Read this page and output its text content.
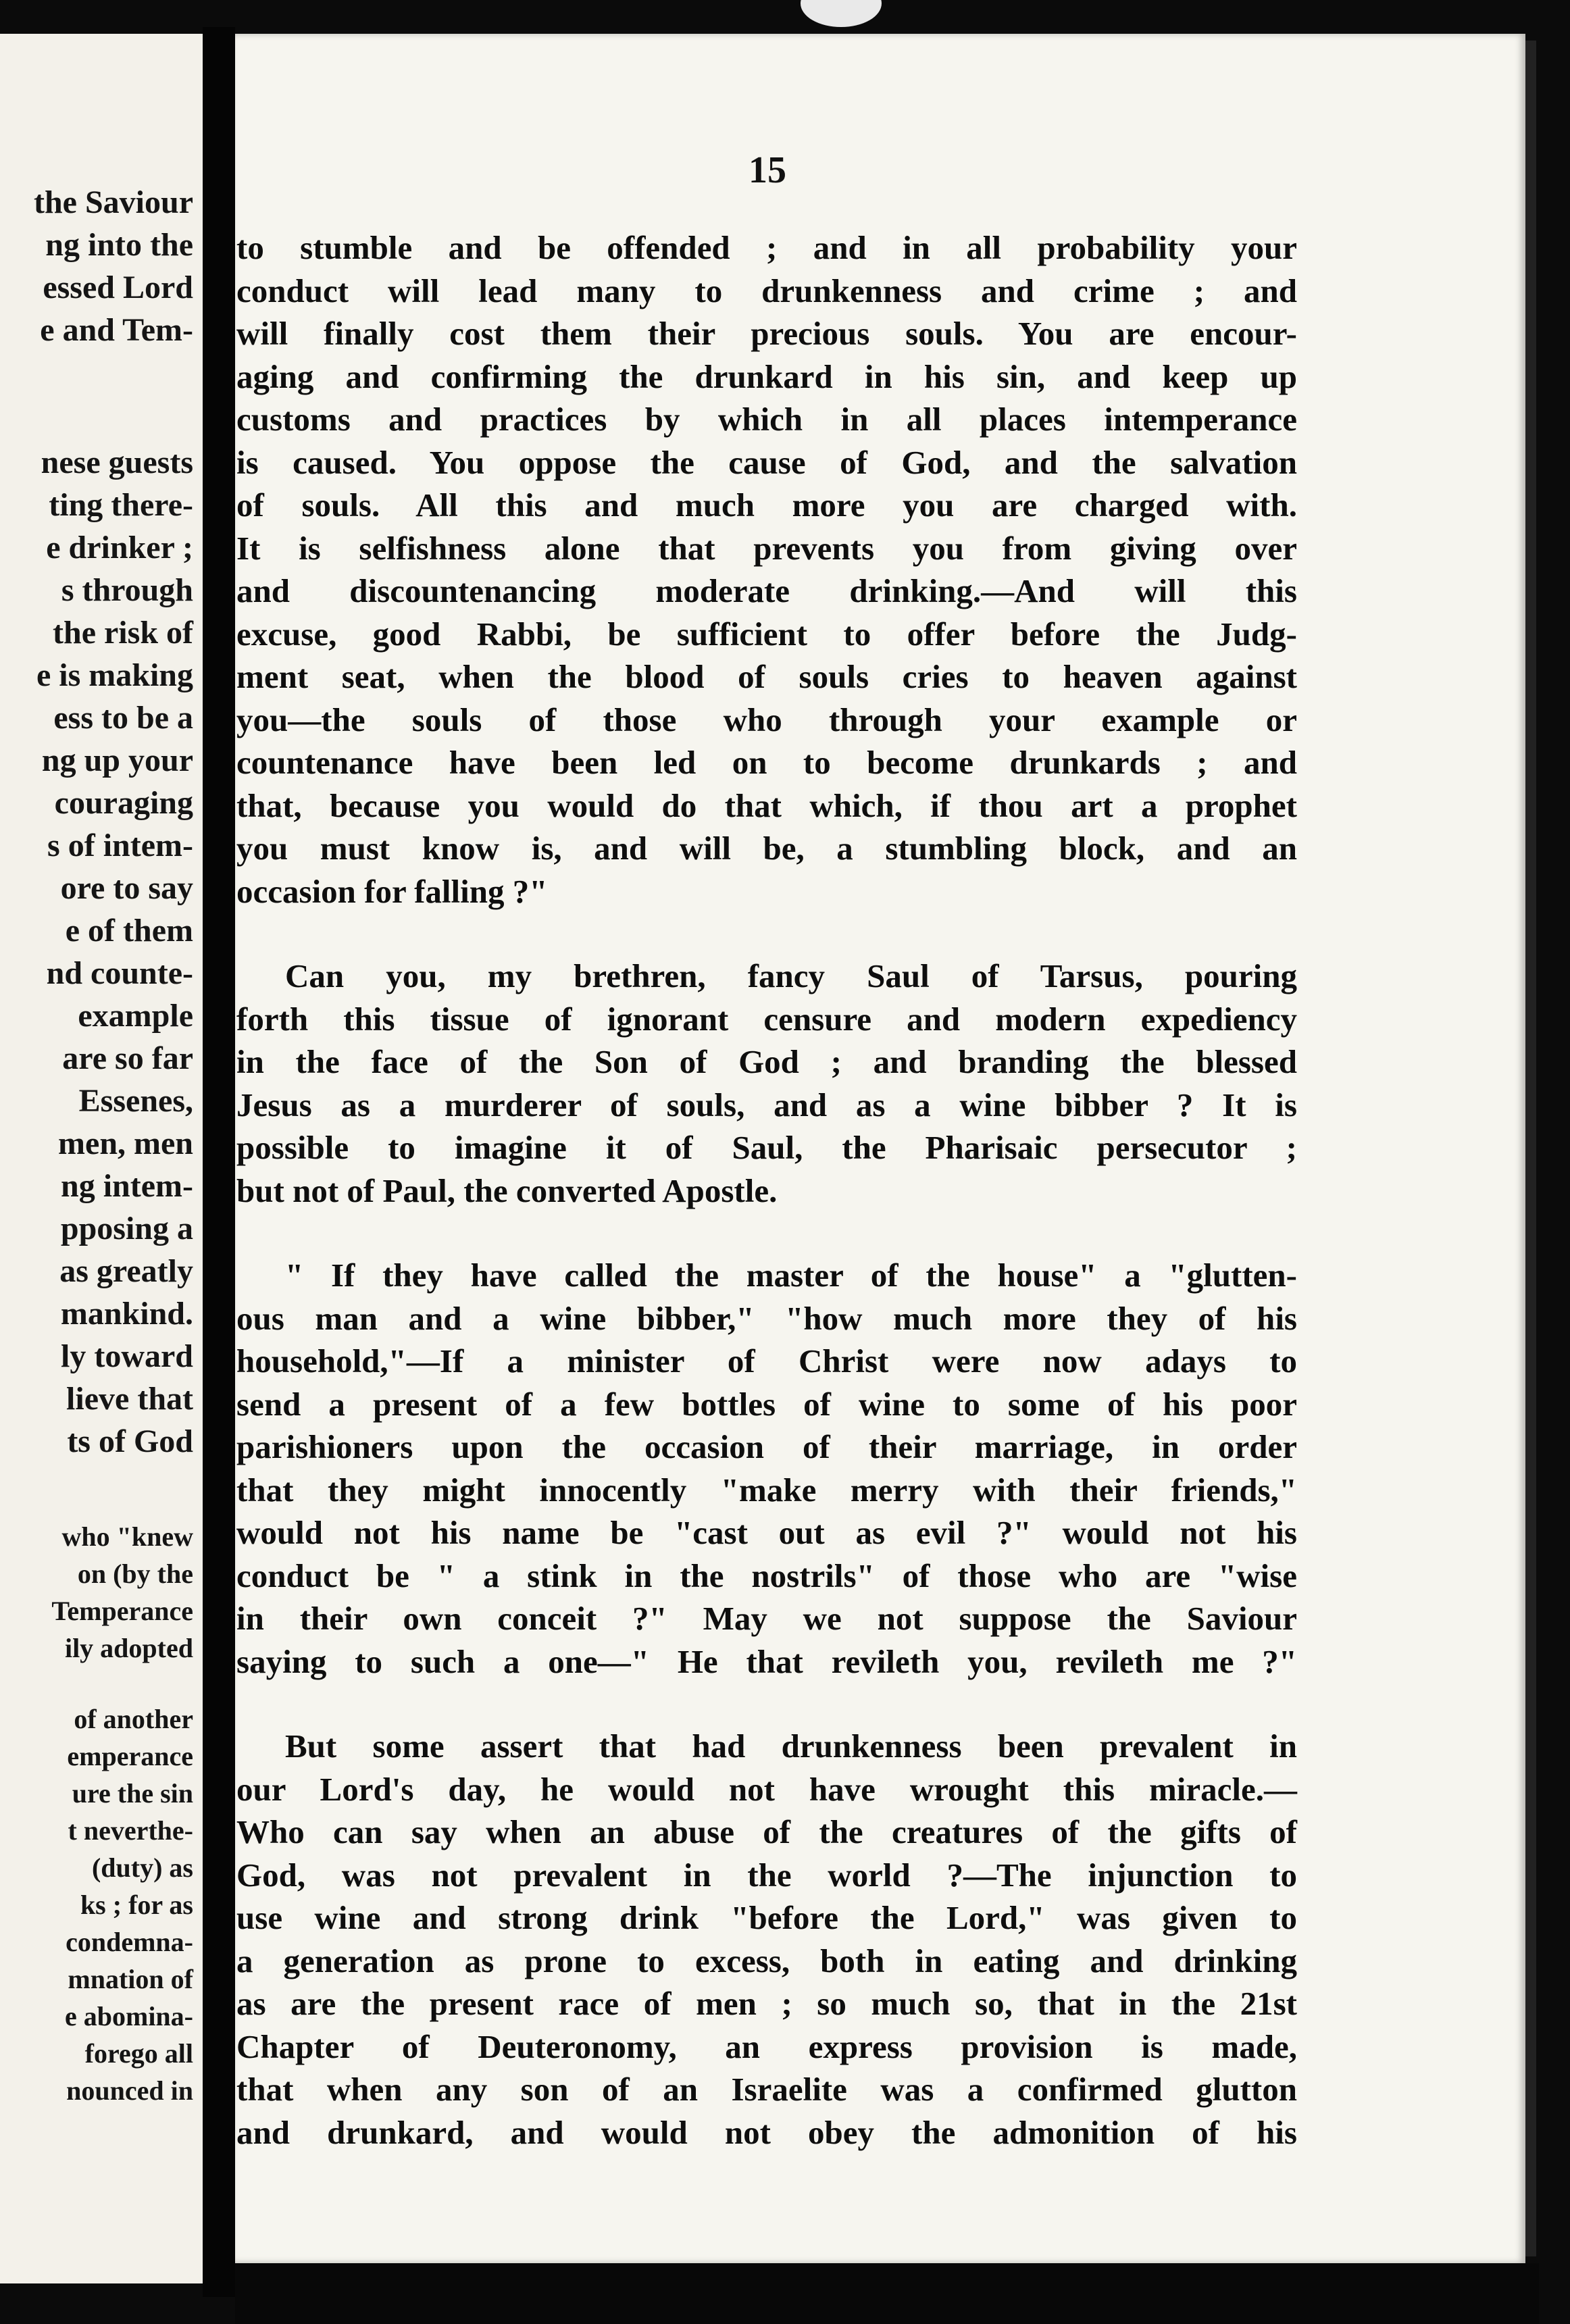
the Saviour
ng into the
essed Lord
e and Tem-
nese guests
ting there-
e drinker ;
s through
the risk of
e is making
ess to be a
ng up your
couraging
s of intem-
ore to say
e of them
nd counte-
example
are so far
Essenes,
men, men
ng intem-
pposing a
as greatly
mankind.
ly toward
lieve that
ts of God
who "knew
on (by the
Temperance
ily adopted
of another
emperance
ure the sin
t neverthe-
(duty) as
ks ; for as
condemna-
mnation of
e abomina-
forego all
nounced in
15
to stumble and be offended ; and in all probability your
conduct will lead many to drunkenness and crime ; and
will finally cost them their precious souls. You are encour-
aging and confirming the drunkard in his sin, and keep up
customs and practices by which in all places intemperance
is caused. You oppose the cause of God, and the salvation
of souls. All this and much more you are charged with.
It is selfishness alone that prevents you from giving over
and discountenancing moderate drinking.—And will this
excuse, good Rabbi, be sufficient to offer before the Judg-
ment seat, when the blood of souls cries to heaven against
you—the souls of those who through your example or
countenance have been led on to become drunkards ; and
that, because you would do that which, if thou art a prophet
you must know is, and will be, a stumbling block, and an
occasion for falling ?"
Can you, my brethren, fancy Saul of Tarsus, pouring
forth this tissue of ignorant censure and modern expediency
in the face of the Son of God ; and branding the blessed
Jesus as a murderer of souls, and as a wine bibber ? It is
possible to imagine it of Saul, the Pharisaic persecutor ;
but not of Paul, the converted Apostle.
" If they have called the master of the house" a "glutten-
ous man and a wine bibber," "how much more they of his
household,"—If a minister of Christ were now adays to
send a present of a few bottles of wine to some of his poor
parishioners upon the occasion of their marriage, in order
that they might innocently "make merry with their friends,"
would not his name be "cast out as evil ?" would not his
conduct be " a stink in the nostrils" of those who are "wise
in their own conceit ?" May we not suppose the Saviour
saying to such a one—" He that revileth you, revileth me ?"
But some assert that had drunkenness been prevalent in
our Lord's day, he would not have wrought this miracle.—
Who can say when an abuse of the creatures of the gifts of
God, was not prevalent in the world ?—The injunction to
use wine and strong drink "before the Lord," was given to
a generation as prone to excess, both in eating and drinking
as are the present race of men ; so much so, that in the 21st
Chapter of Deuteronomy, an express provision is made,
that when any son of an Israelite was a confirmed glutton
and drunkard, and would not obey the admonition of his
